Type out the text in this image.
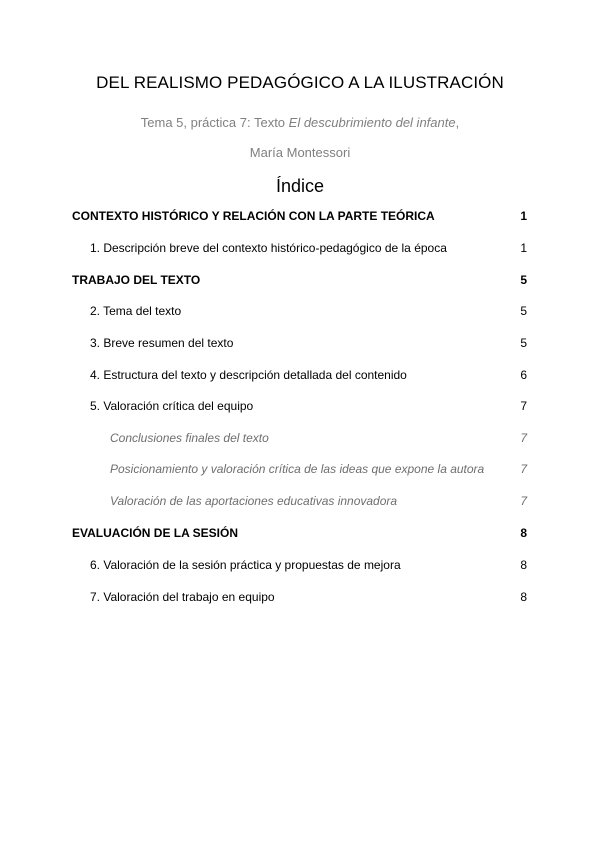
DEL REALISMO PEDAGÓGICO A LA ILUSTRACIÓN
Tema 5, práctica 7: Texto El descubrimiento del infante,
María Montessori
Índice
CONTEXTO HISTÓRICO Y RELACIÓN CON LA PARTE TEÓRICA	1
1. Descripción breve del contexto histórico-pedagógico de la época	1
TRABAJO DEL TEXTO	5
2. Tema del texto	5
3. Breve resumen del texto	5
4. Estructura del texto y descripción detallada del contenido	6
5. Valoración crítica del equipo	7
Conclusiones finales del texto	7
Posicionamiento y valoración crítica de las ideas que expone la autora	7
Valoración de las aportaciones educativas innovadora	7
EVALUACIÓN DE LA SESIÓN	8
6. Valoración de la sesión práctica y propuestas de mejora	8
7. Valoración del trabajo en equipo	8
